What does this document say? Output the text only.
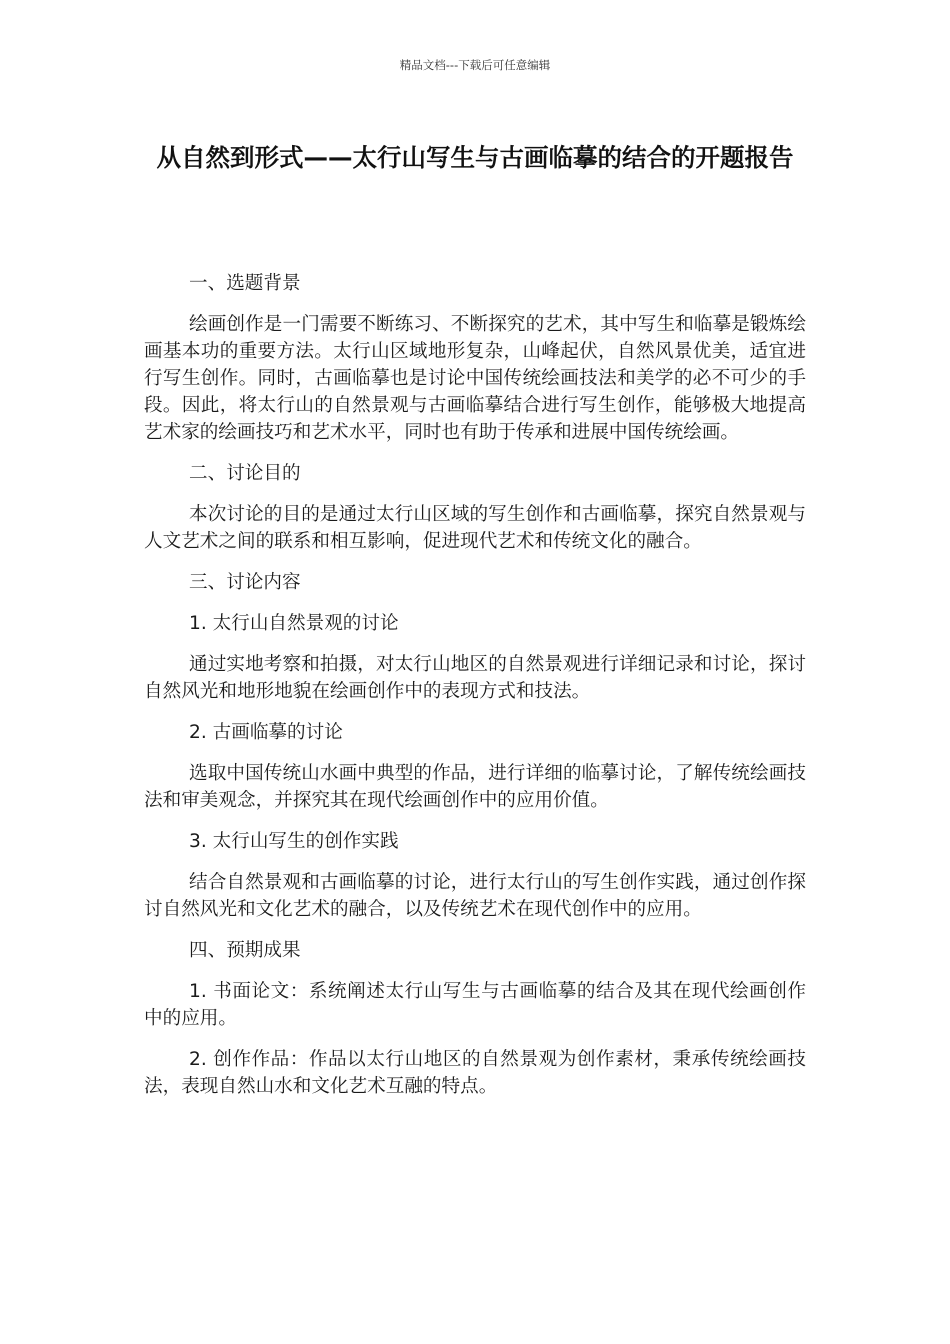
精品文档---下载后可任意编辑
从自然到形式——太行山写生与古画临摹的结合的开题报告

一、选题背景

绘画创作是一门需要不断练习、不断探究的艺术，其中写生和临摹是锻炼绘画基本功的重要方法。太行山区域地形复杂，山峰起伏，自然风景优美，适宜进行写生创作。同时，古画临摹也是讨论中国传统绘画技法和美学的必不可少的手段。因此，将太行山的自然景观与古画临摹结合进行写生创作，能够极大地提高艺术家的绘画技巧和艺术水平，同时也有助于传承和进展中国传统绘画。

二、讨论目的

本次讨论的目的是通过太行山区域的写生创作和古画临摹，探究自然景观与人文艺术之间的联系和相互影响，促进现代艺术和传统文化的融合。

三、讨论内容

1. 太行山自然景观的讨论

通过实地考察和拍摄，对太行山地区的自然景观进行详细记录和讨论，探讨自然风光和地形地貌在绘画创作中的表现方式和技法。

2. 古画临摹的讨论

选取中国传统山水画中典型的作品，进行详细的临摹讨论，了解传统绘画技法和审美观念，并探究其在现代绘画创作中的应用价值。

3. 太行山写生的创作实践

结合自然景观和古画临摹的讨论，进行太行山的写生创作实践，通过创作探讨自然风光和文化艺术的融合，以及传统艺术在现代创作中的应用。

四、预期成果

1. 书面论文：系统阐述太行山写生与古画临摹的结合及其在现代绘画创作中的应用。

2. 创作作品：作品以太行山地区的自然景观为创作素材，秉承传统绘画技法，表现自然山水和文化艺术互融的特点。
